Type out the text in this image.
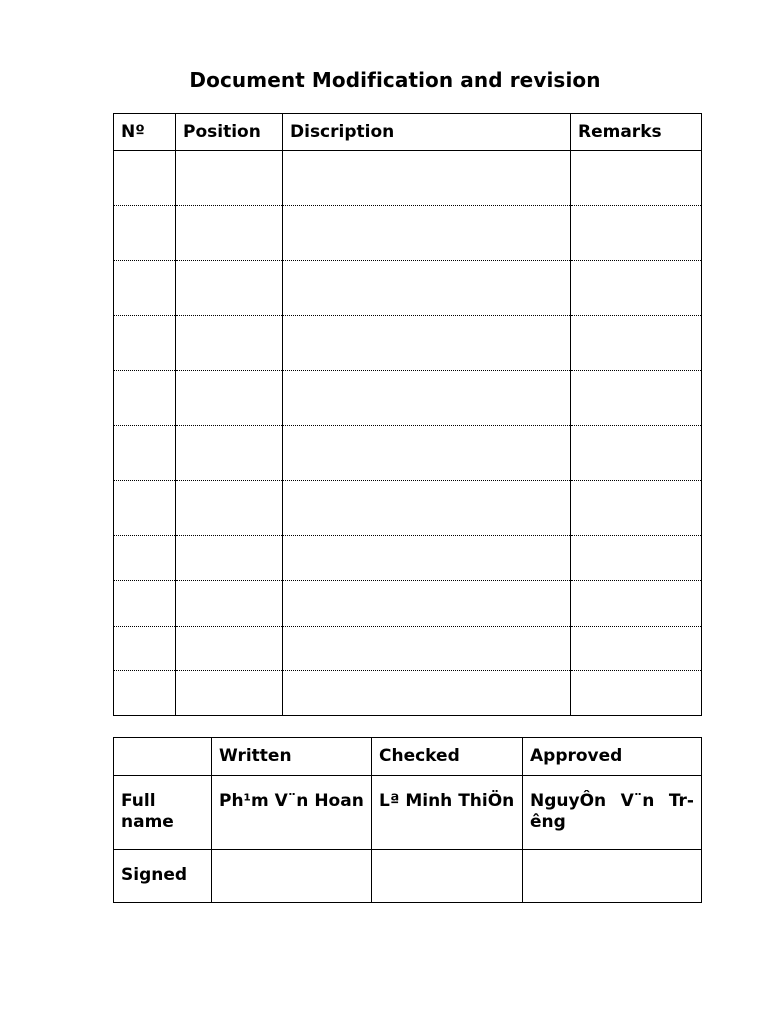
Document Modification and revision
Nº	Position	Discription	Remarks

	Written	Checked	Approved
Full name	Ph¹m V¨n Hoan	Lª Minh ThiÖn	NguyÔn V¨n Tr-êng
Signed			
